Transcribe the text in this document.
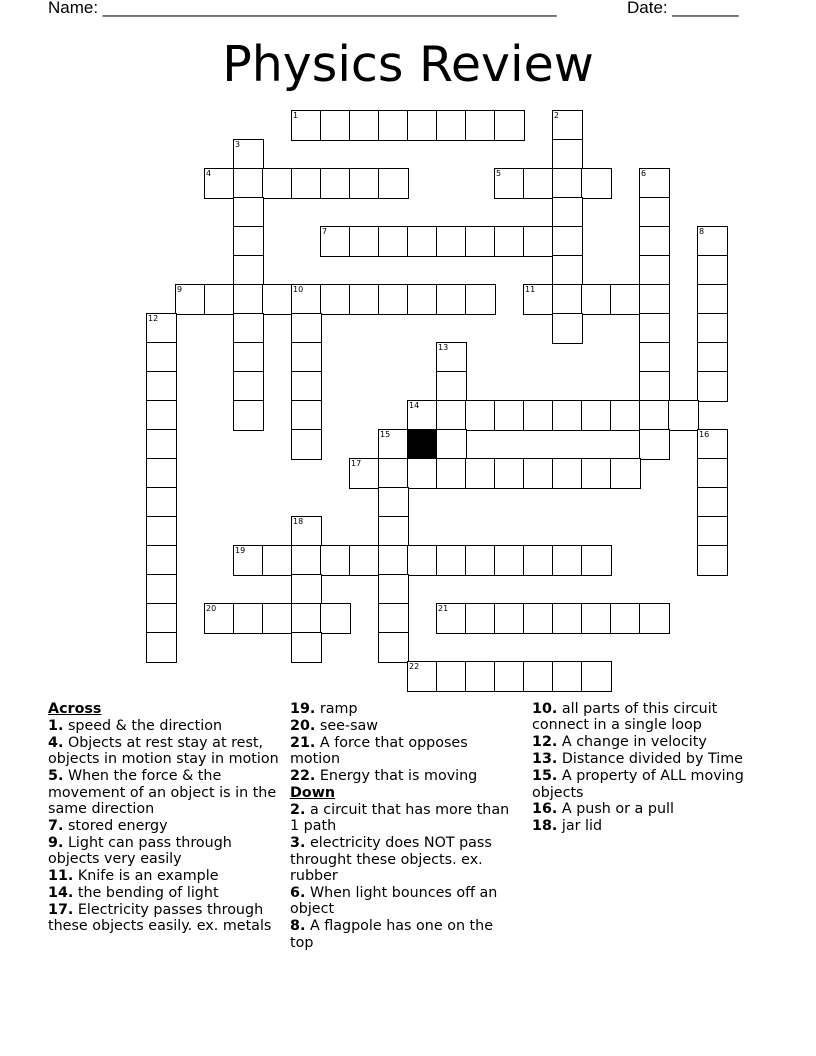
Name: ________________________________________________	Date: _______
Physics Review
1	2
3
4	5	6
7	8
9	10	11
12
13
14
15	16
17
18
19
20	21
22
Across
1. speed & the direction
4. Objects at rest stay at rest, objects in motion stay in motion
5. When the force & the movement of an object is in the same direction
7. stored energy
9. Light can pass through objects very easily
11. Knife is an example
14. the bending of light
17. Electricity passes through these objects easily. ex. metals
19. ramp
20. see-saw
21. A force that opposes motion
22. Energy that is moving
Down
2. a circuit that has more than 1 path
3. electricity does NOT pass throught these objects. ex. rubber
6. When light bounces off an object
8. A flagpole has one on the top
10. all parts of this circuit connect in a single loop
12. A change in velocity
13. Distance divided by Time
15. A property of ALL moving objects
16. A push or a pull
18. jar lid
